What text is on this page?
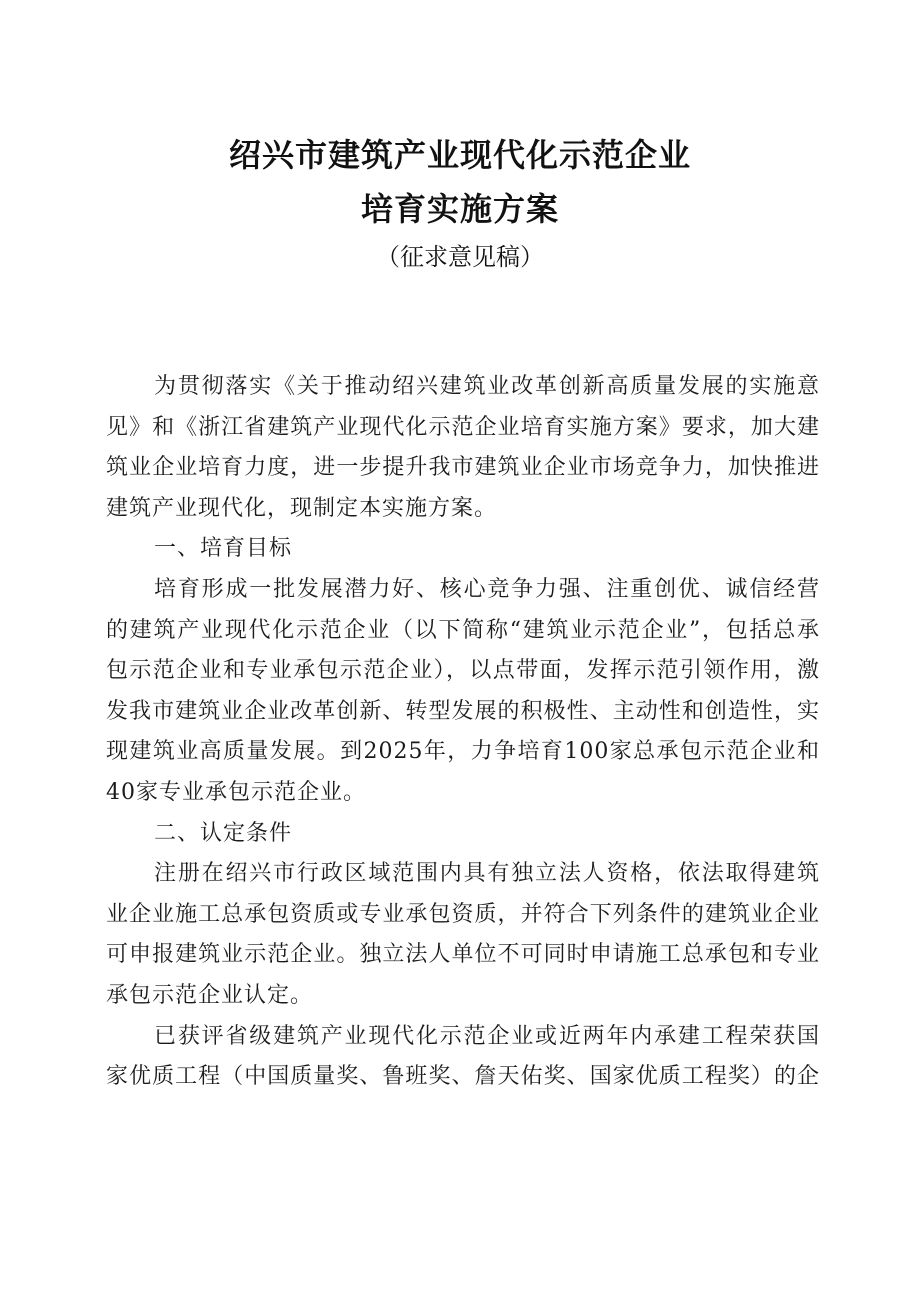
绍兴市建筑产业现代化示范企业
培育实施方案
（征求意见稿）

为贯彻落实《关于推动绍兴建筑业改革创新高质量发展的实施意见》和《浙江省建筑产业现代化示范企业培育实施方案》要求，加大建筑业企业培育力度，进一步提升我市建筑业企业市场竞争力，加快推进建筑产业现代化，现制定本实施方案。

一、培育目标

培育形成一批发展潜力好、核心竞争力强、注重创优、诚信经营的建筑产业现代化示范企业（以下简称“建筑业示范企业”，包括总承包示范企业和专业承包示范企业），以点带面，发挥示范引领作用，激发我市建筑业企业改革创新、转型发展的积极性、主动性和创造性，实现建筑业高质量发展。到2025年，力争培育100家总承包示范企业和40家专业承包示范企业。

二、认定条件

注册在绍兴市行政区域范围内具有独立法人资格，依法取得建筑业企业施工总承包资质或专业承包资质，并符合下列条件的建筑业企业可申报建筑业示范企业。独立法人单位不可同时申请施工总承包和专业承包示范企业认定。

已获评省级建筑产业现代化示范企业或近两年内承建工程荣获国家优质工程（中国质量奖、鲁班奖、詹天佑奖、国家优质工程奖）的企
